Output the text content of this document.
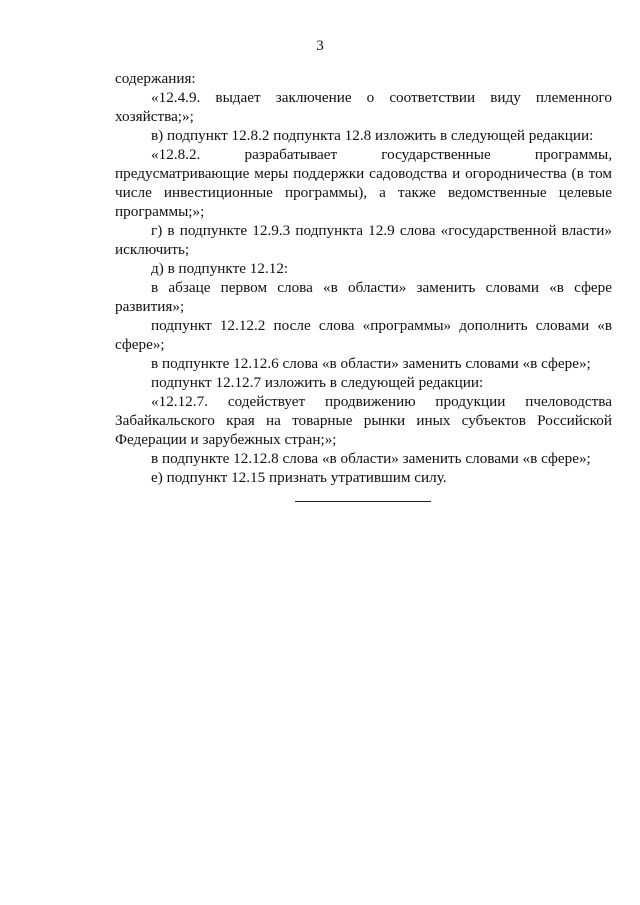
3

содержания:

«12.4.9. выдает заключение о соответствии виду племенного хозяйства;»;

в) подпункт 12.8.2 подпункта 12.8 изложить в следующей редакции:

«12.8.2. разрабатывает государственные программы, предусматривающие меры поддержки садоводства и огородничества (в том числе инвестиционные программы), а также ведомственные целевые программы;»;

г) в подпункте 12.9.3 подпункта 12.9 слова «государственной власти» исключить;

д) в подпункте 12.12:

в абзаце первом слова «в области» заменить словами «в сфере развития»;

подпункт 12.12.2 после слова «программы» дополнить словами «в сфере»;

в подпункте 12.12.6 слова «в области» заменить словами «в сфере»;

подпункт 12.12.7 изложить в следующей редакции:

«12.12.7. содействует продвижению продукции пчеловодства Забайкальского края на товарные рынки иных субъектов Российской Федерации и зарубежных стран;»;

в подпункте 12.12.8 слова «в области» заменить словами «в сфере»;

е) подпункт 12.15 признать утратившим силу.
